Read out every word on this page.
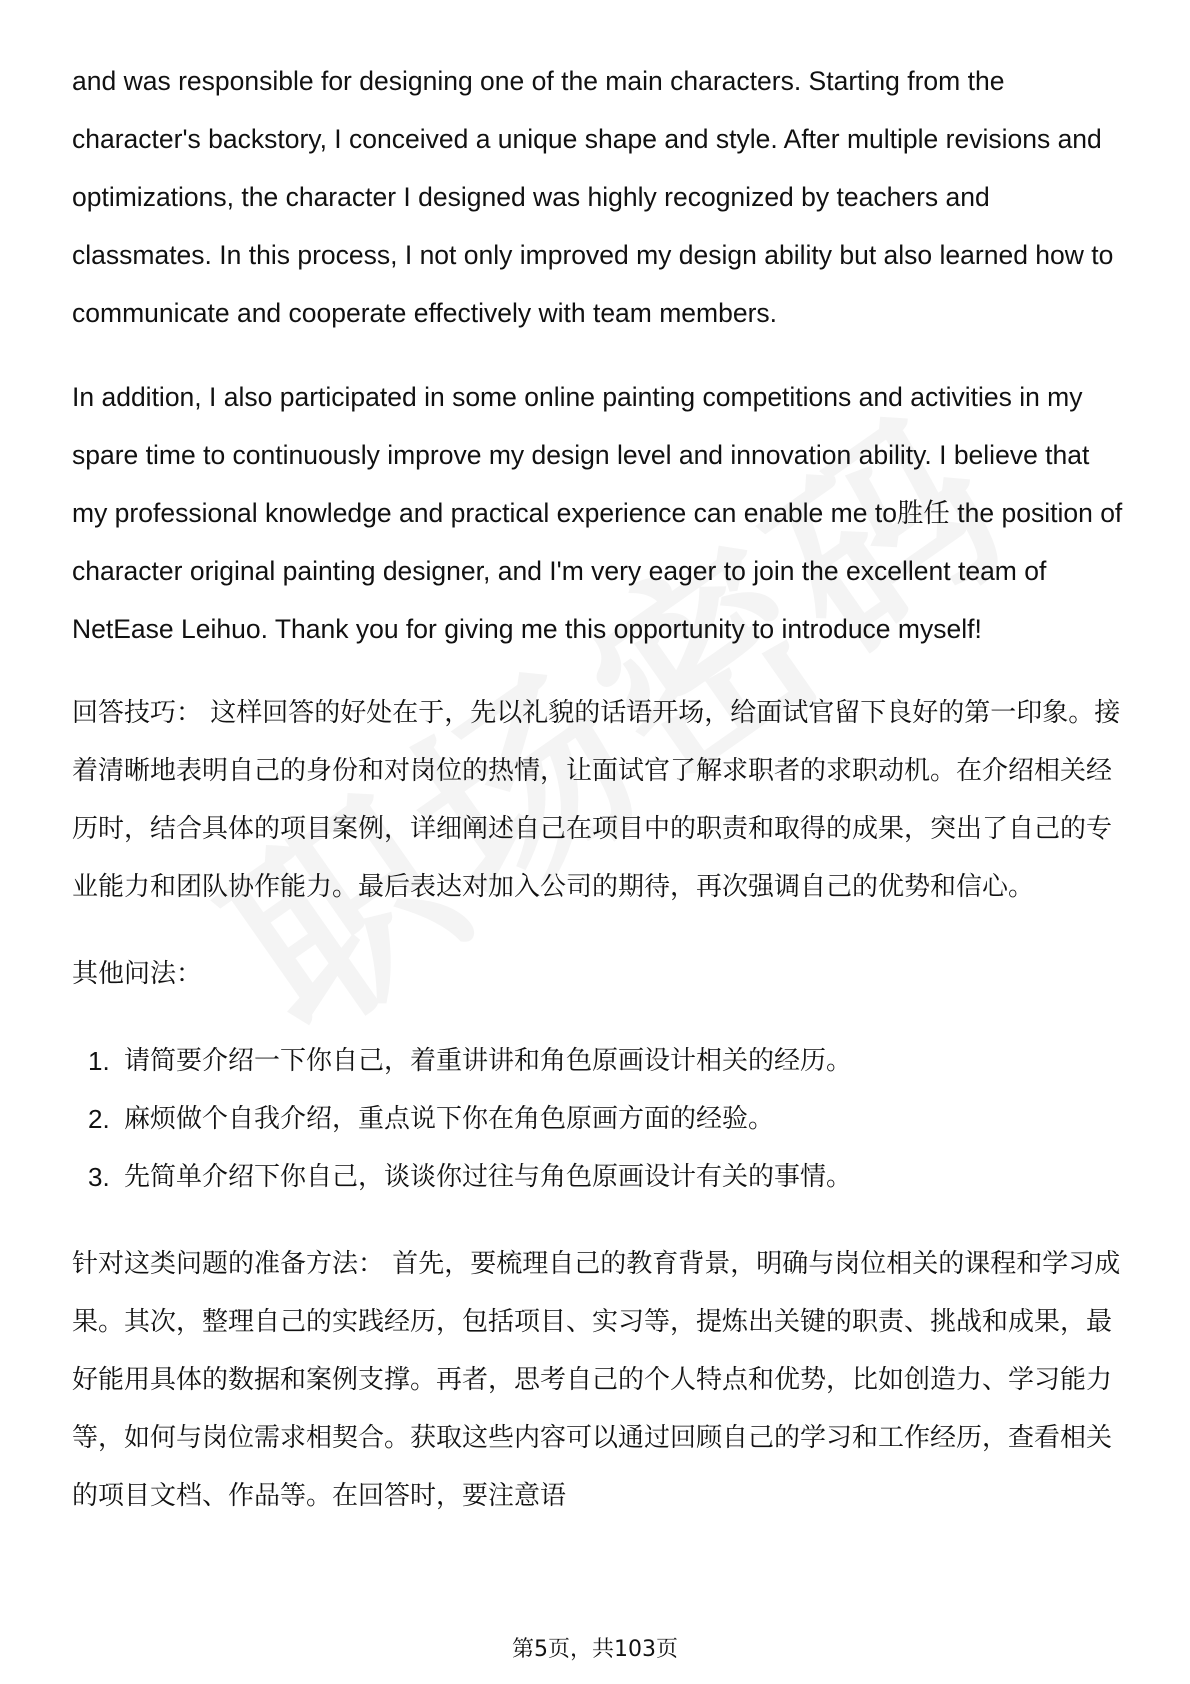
and was responsible for designing one of the main characters. Starting from the character's backstory, I conceived a unique shape and style. After multiple revisions and optimizations, the character I designed was highly recognized by teachers and classmates. In this process, I not only improved my design ability but also learned how to communicate and cooperate effectively with team members.

In addition, I also participated in some online painting competitions and activities in my spare time to continuously improve my design level and innovation ability. I believe that my professional knowledge and practical experience can enable me to胜任 the position of character original painting designer, and I'm very eager to join the excellent team of NetEase Leihuo. Thank you for giving me this opportunity to introduce myself!

回答技巧： 这样回答的好处在于，先以礼貌的话语开场，给面试官留下良好的第一印象。接着清晰地表明自己的身份和对岗位的热情，让面试官了解求职者的求职动机。在介绍相关经历时，结合具体的项目案例，详细阐述自己在项目中的职责和取得的成果，突出了自己的专业能力和团队协作能力。最后表达对加入公司的期待，再次强调自己的优势和信心。

其他问法：

1. 请简要介绍一下你自己，着重讲讲和角色原画设计相关的经历。
2. 麻烦做个自我介绍，重点说下你在角色原画方面的经验。
3. 先简单介绍下你自己，谈谈你过往与角色原画设计有关的事情。

针对这类问题的准备方法： 首先，要梳理自己的教育背景，明确与岗位相关的课程和学习成果。其次，整理自己的实践经历，包括项目、实习等，提炼出关键的职责、挑战和成果，最好能用具体的数据和案例支撑。再者，思考自己的个人特点和优势，比如创造力、学习能力等，如何与岗位需求相契合。获取这些内容可以通过回顾自己的学习和工作经历，查看相关的项目文档、作品等。在回答时，要注意语

第5页，共103页
